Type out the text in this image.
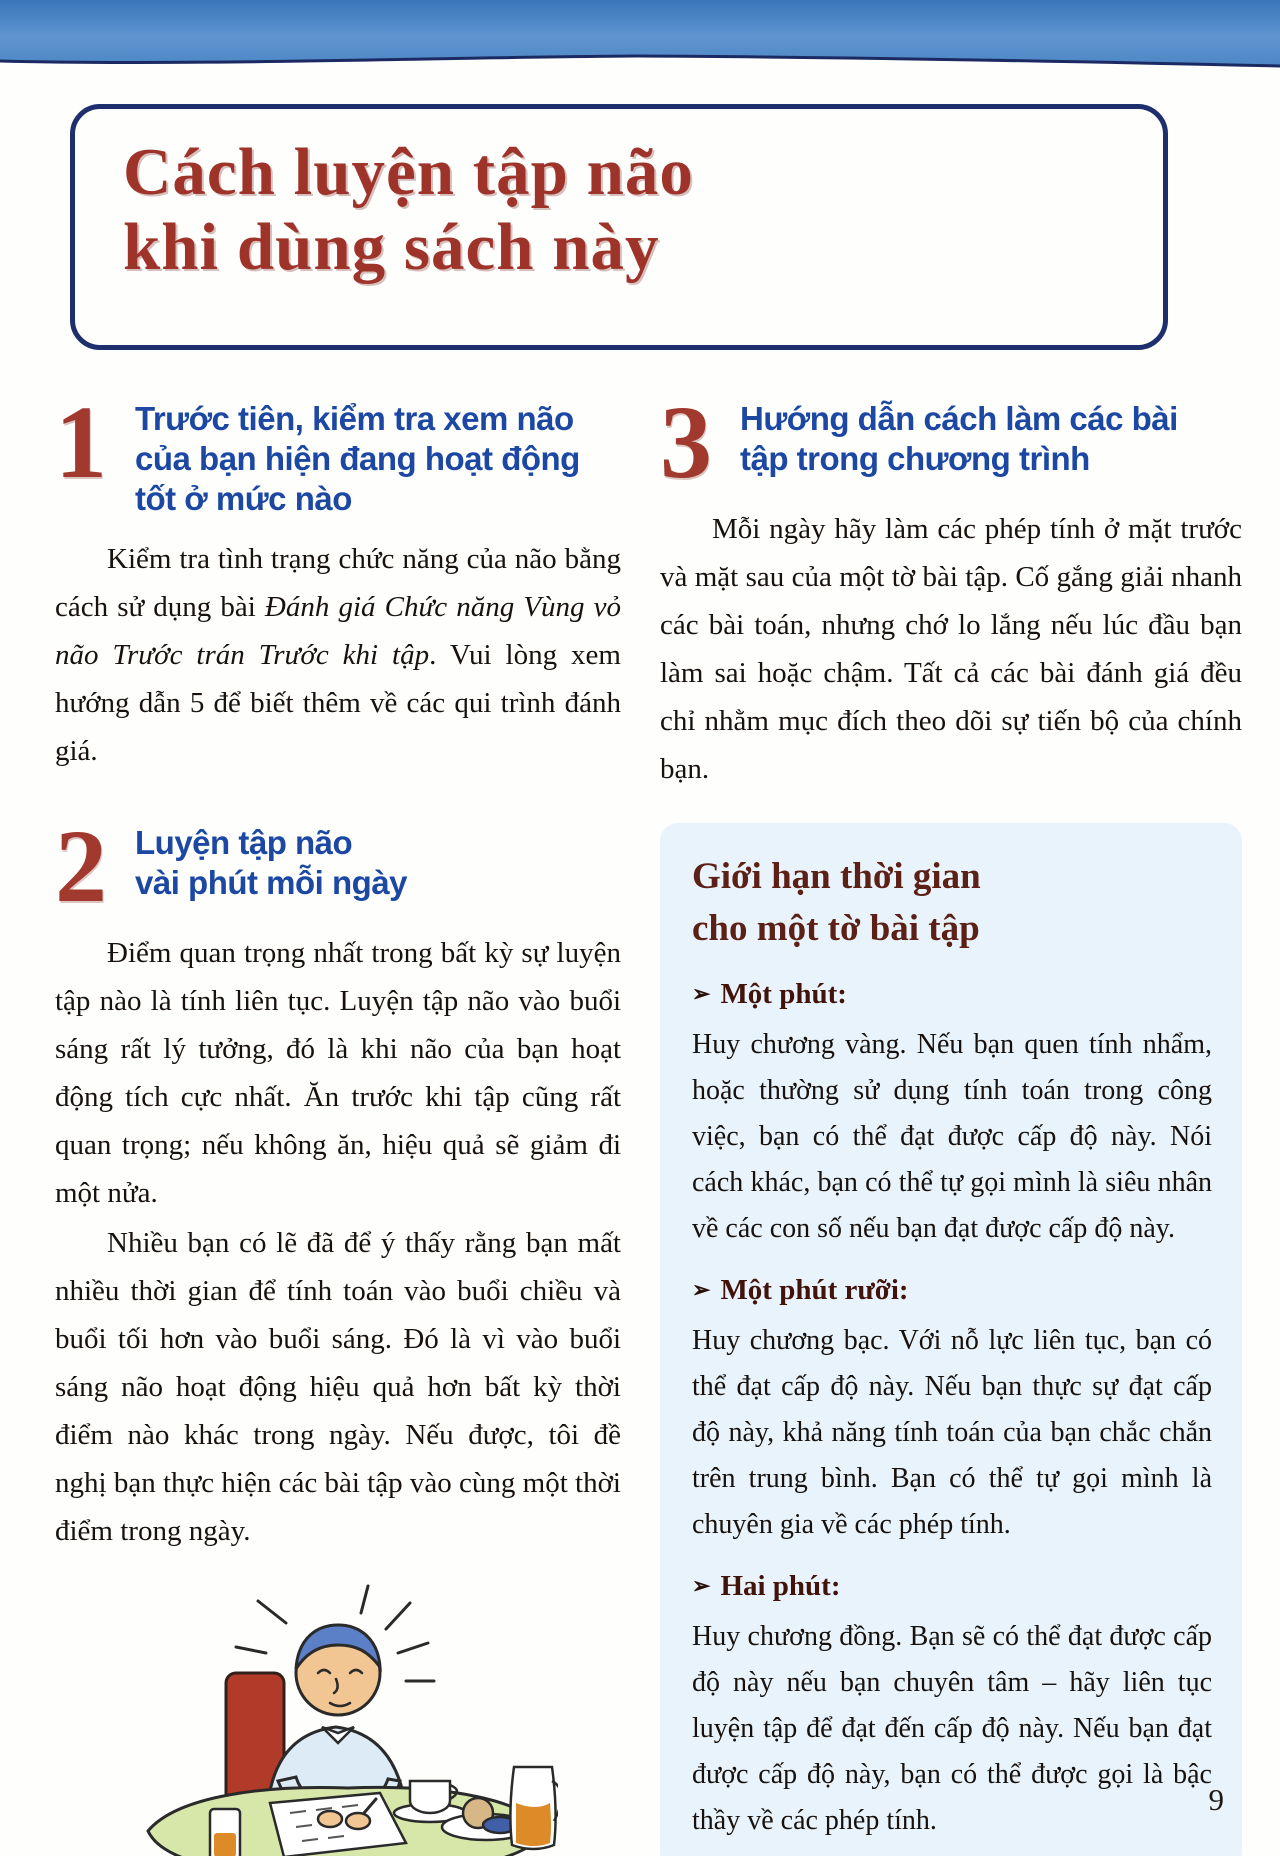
Cách luyện tập não
khi dùng sách này
1 Trước tiên, kiểm tra xem não
của bạn hiện đang hoạt động
tốt ở mức nào

Kiểm tra tình trạng chức năng của não bằng cách sử dụng bài Đánh giá Chức năng Vùng vỏ não Trước trán Trước khi tập. Vui lòng xem hướng dẫn 5 để biết thêm về các qui trình đánh giá.

2 Luyện tập não
vài phút mỗi ngày

Điểm quan trọng nhất trong bất kỳ sự luyện tập nào là tính liên tục. Luyện tập não vào buổi sáng rất lý tưởng, đó là khi não của bạn hoạt động tích cực nhất. Ăn trước khi tập cũng rất quan trọng; nếu không ăn, hiệu quả sẽ giảm đi một nửa.

Nhiều bạn có lẽ đã để ý thấy rằng bạn mất nhiều thời gian để tính toán vào buổi chiều và buổi tối hơn vào buổi sáng. Đó là vì vào buổi sáng não hoạt động hiệu quả hơn bất kỳ thời điểm nào khác trong ngày. Nếu được, tôi đề nghị bạn thực hiện các bài tập vào cùng một thời điểm trong ngày.

3 Hướng dẫn cách làm các bài
tập trong chương trình

Mỗi ngày hãy làm các phép tính ở mặt trước và mặt sau của một tờ bài tập. Cố gắng giải nhanh các bài toán, nhưng chớ lo lắng nếu lúc đầu bạn làm sai hoặc chậm. Tất cả các bài đánh giá đều chỉ nhằm mục đích theo dõi sự tiến bộ của chính bạn.

Giới hạn thời gian
cho một tờ bài tập
➢ Một phút:

Huy chương vàng. Nếu bạn quen tính nhẩm, hoặc thường sử dụng tính toán trong công việc, bạn có thể đạt được cấp độ này. Nói cách khác, bạn có thể tự gọi mình là siêu nhân về các con số nếu bạn đạt được cấp độ này.

➢ Một phút rưỡi:

Huy chương bạc. Với nỗ lực liên tục, bạn có thể đạt cấp độ này. Nếu bạn thực sự đạt cấp độ này, khả năng tính toán của bạn chắc chắn trên trung bình. Bạn có thể tự gọi mình là chuyên gia về các phép tính.

➢ Hai phút:

Huy chương đồng. Bạn sẽ có thể đạt được cấp độ này nếu bạn chuyên tâm – hãy liên tục luyện tập để đạt đến cấp độ này. Nếu bạn đạt được cấp độ này, bạn có thể được gọi là bậc thầy về các phép tính.

9
